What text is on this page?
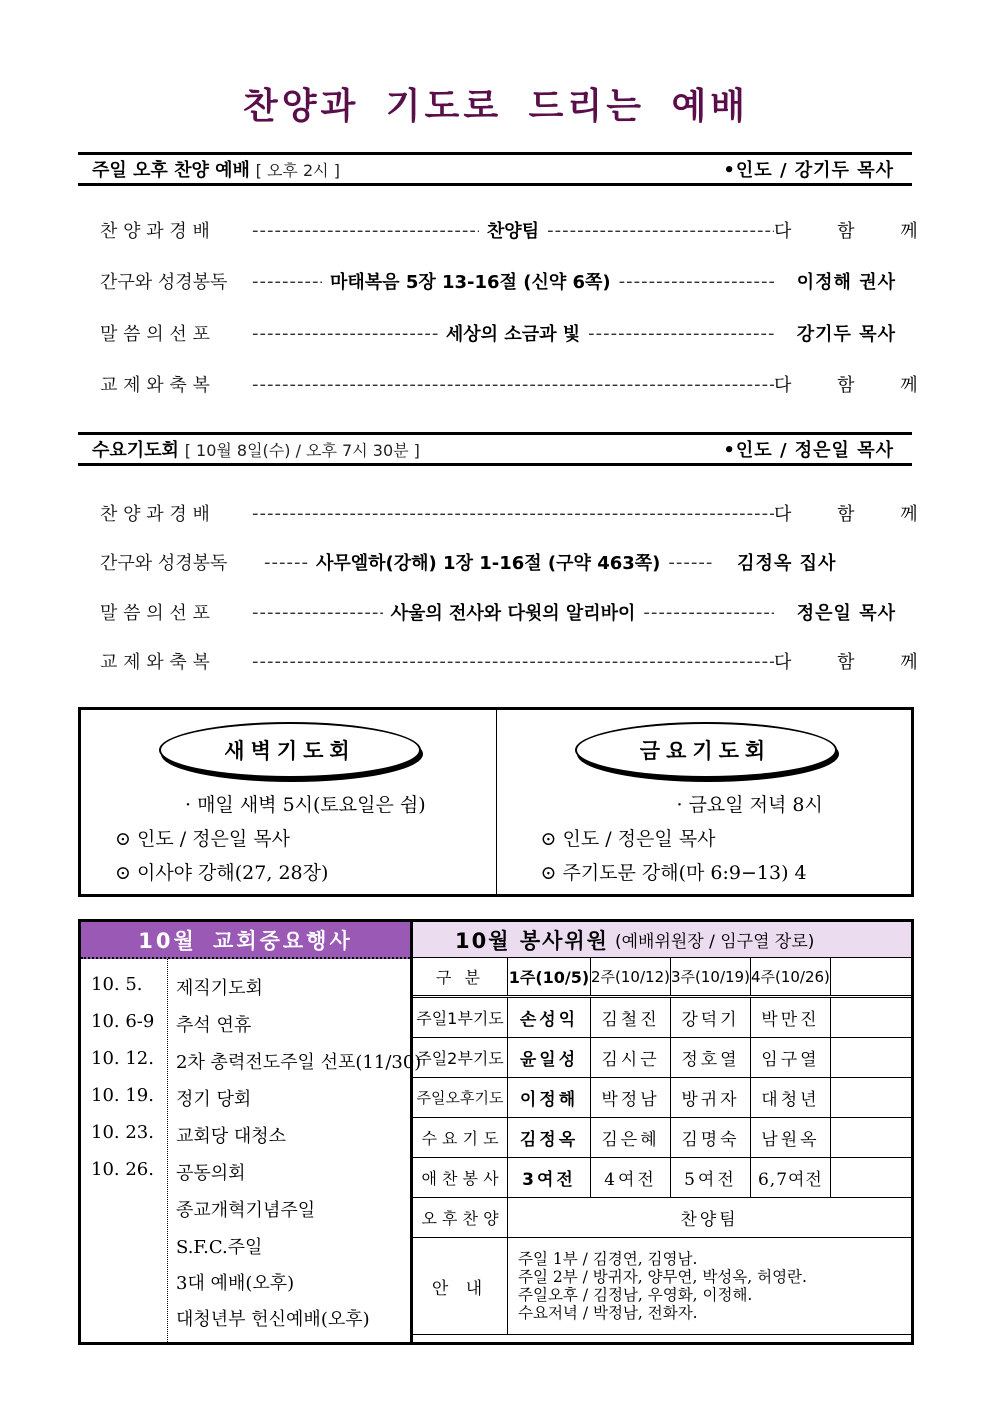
찬양과 기도로 드리는 예배
주일 오후 찬양 예배 [ 오후 2시 ]	•인도 / 강기두 목사
찬 양 과 경 배 -----	찬양팀 -----	다 함 께
간구와 성경봉독 -----	마태복음 5장 13-16절 (신약 6쪽) -----	이정해 권사
말 씀 의 선 포 -----	세상의 소금과 빛 -----	강기두 목사
교 제 와 축 복 -----	다 함 께
수요기도회 [ 10월 8일(수) / 오후 7시 30분 ]	•인도 / 정은일 목사
찬 양 과 경 배 -----	다 함 께
간구와 성경봉독 -----	사무엘하(강해) 1장 1-16절 (구약 463쪽) -----	김정옥 집사
말 씀 의 선 포 -----	사울의 전사와 다윗의 알리바이 -----	정은일 목사
교 제 와 축 복 -----	다 함 께
새벽기도회
· 매일 새벽 5시(토요일은 쉼)
⊙ 인도 / 정은일 목사
⊙ 이사야 강해(27, 28장)
금요기도회
· 금요일 저녁 8시
⊙ 인도 / 정은일 목사
⊙ 주기도문 강해(마 6:9−13) 4
10월 교회중요행사
10. 5. 제직기도회
10. 6-9 추석 연휴
10. 12. 2차 총력전도주일 선포(11/30)
10. 19. 정기 당회
10. 23. 교회당 대청소
10. 26. 공동의회
종교개혁기념주일
S.F.C.주일
3대 예배(오후)
대청년부 헌신예배(오후)
10월 봉사위원 (예배위원장 / 임구열 장로)
구 분	1주(10/5)	2주(10/12)	3주(10/19)	4주(10/26)	
주일1부기도	손성익	김철진	강덕기	박만진	
주일2부기도	윤일성	김시근	정호열	임구열	
주일오후기도	이정해	박정남	방귀자	대청년	
수 요 기 도	김정옥	김은혜	김명숙	남원옥	
애 찬 봉 사	3여전	4여전	5여전	6,7여전	
오 후 찬 양	찬양팀				
안 내	주일 1부 / 김경연, 김영남.
주일 2부 / 방귀자, 양무연, 박성옥, 허영란.
주일오후 / 김정남, 우영화, 이정해.
수요저녁 / 박정남, 전화자.				
